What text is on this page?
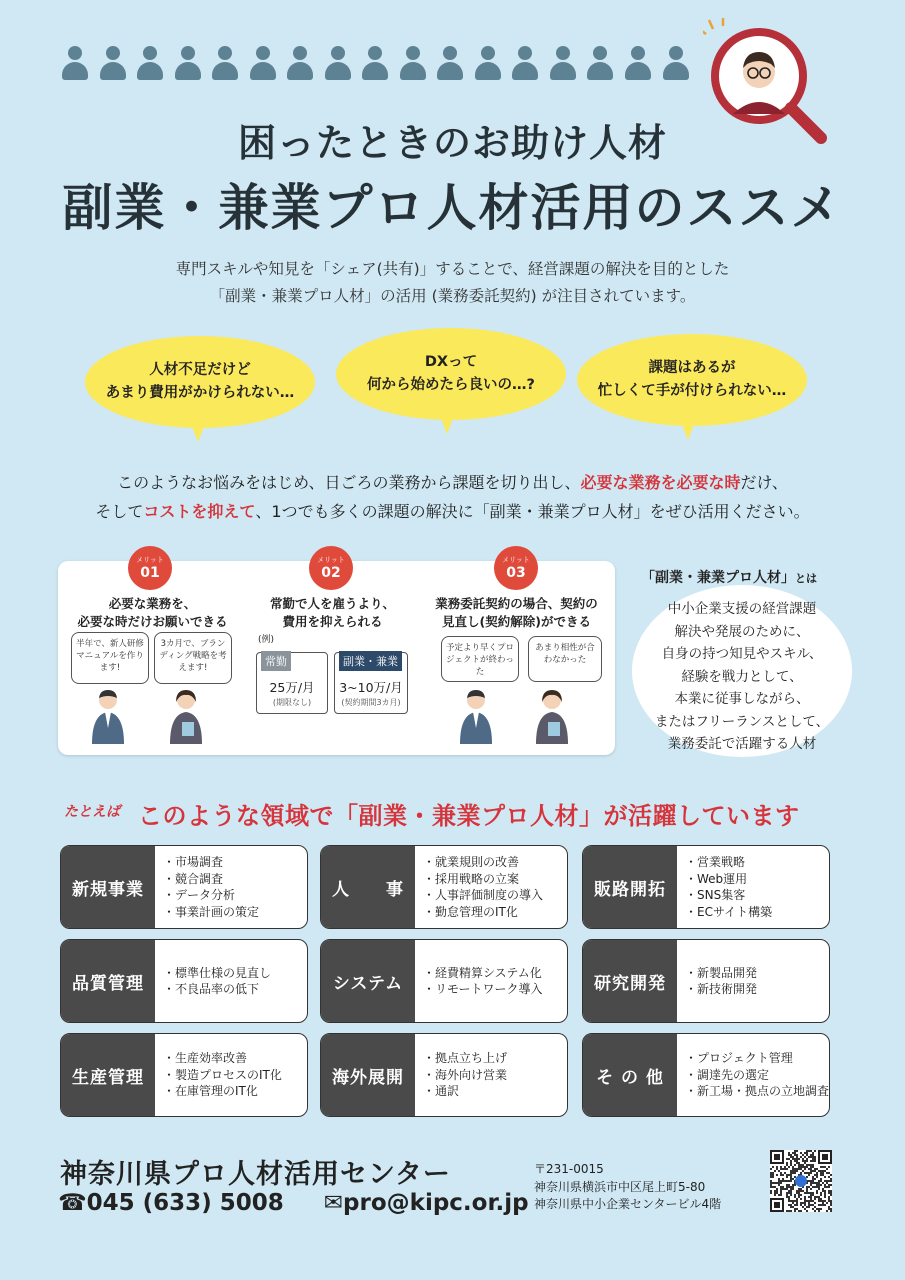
困ったときのお助け人材
副業・兼業プロ人材活用のススメ
専門スキルや知見を「シェア(共有)」することで、経営課題の解決を目的とした
「副業・兼業プロ人材」の活用 (業務委託契約) が注目されています。
人材不足だけど
あまり費用がかけられない…
DXって
何から始めたら良いの…?
課題はあるが
忙しくて手が付けられない…
このようなお悩みをはじめ、日ごろの業務から課題を切り出し、必要な業務を必要な時だけ、
そしてコストを抑えて、1つでも多くの課題の解決に「副業・兼業プロ人材」をぜひ活用ください。
メリット
01
必要な業務を、
必要な時だけお願いできる
半年で、新人研修マニュアルを作ります!
3カ月で、ブランディング戦略を考えます!
メリット
02
常勤で人を雇うより、
費用を抑えられる
(例)
常勤
25万/月
(期限なし)
副業・兼業
3~10万/月
(契約期間3カ月)
メリット
03
業務委託契約の場合、契約の
見直し(契約解除)ができる
予定より早くプロジェクトが終わった
あまり相性が合わなかった
「副業・兼業プロ人材」とは
中小企業支援の経営課題
解決や発展のために、
自身の持つ知見やスキル、
経験を戦力として、
本業に従事しながら、
またはフリーランスとして、
業務委託で活躍する人材
たとえば このような領域で「副業・兼業プロ人材」が活躍しています
新規事業
・市場調査
・競合調査
・データ分析
・事業計画の策定
人　　事
・就業規則の改善
・採用戦略の立案
・人事評価制度の導入
・勤怠管理のIT化
販路開拓
・営業戦略
・Web運用
・SNS集客
・ECサイト構築
品質管理
・標準仕様の見直し
・不良品率の低下	システム
・経費精算システム化
・リモートワーク導入	研究開発
・新製品開発
・新技術開発
生産管理
・生産効率改善
・製造プロセスのIT化
・在庫管理のIT化
海外展開
・拠点立ち上げ
・海外向け営業
・通訳
そ の 他
・プロジェクト管理
・調達先の選定
・新工場・拠点の立地調査
神奈川県プロ人材活用センター
☎045 (633) 5008 ✉pro@kipc.or.jp
〒231-0015
神奈川県横浜市中区尾上町5-80
神奈川県中小企業センタービル4階
